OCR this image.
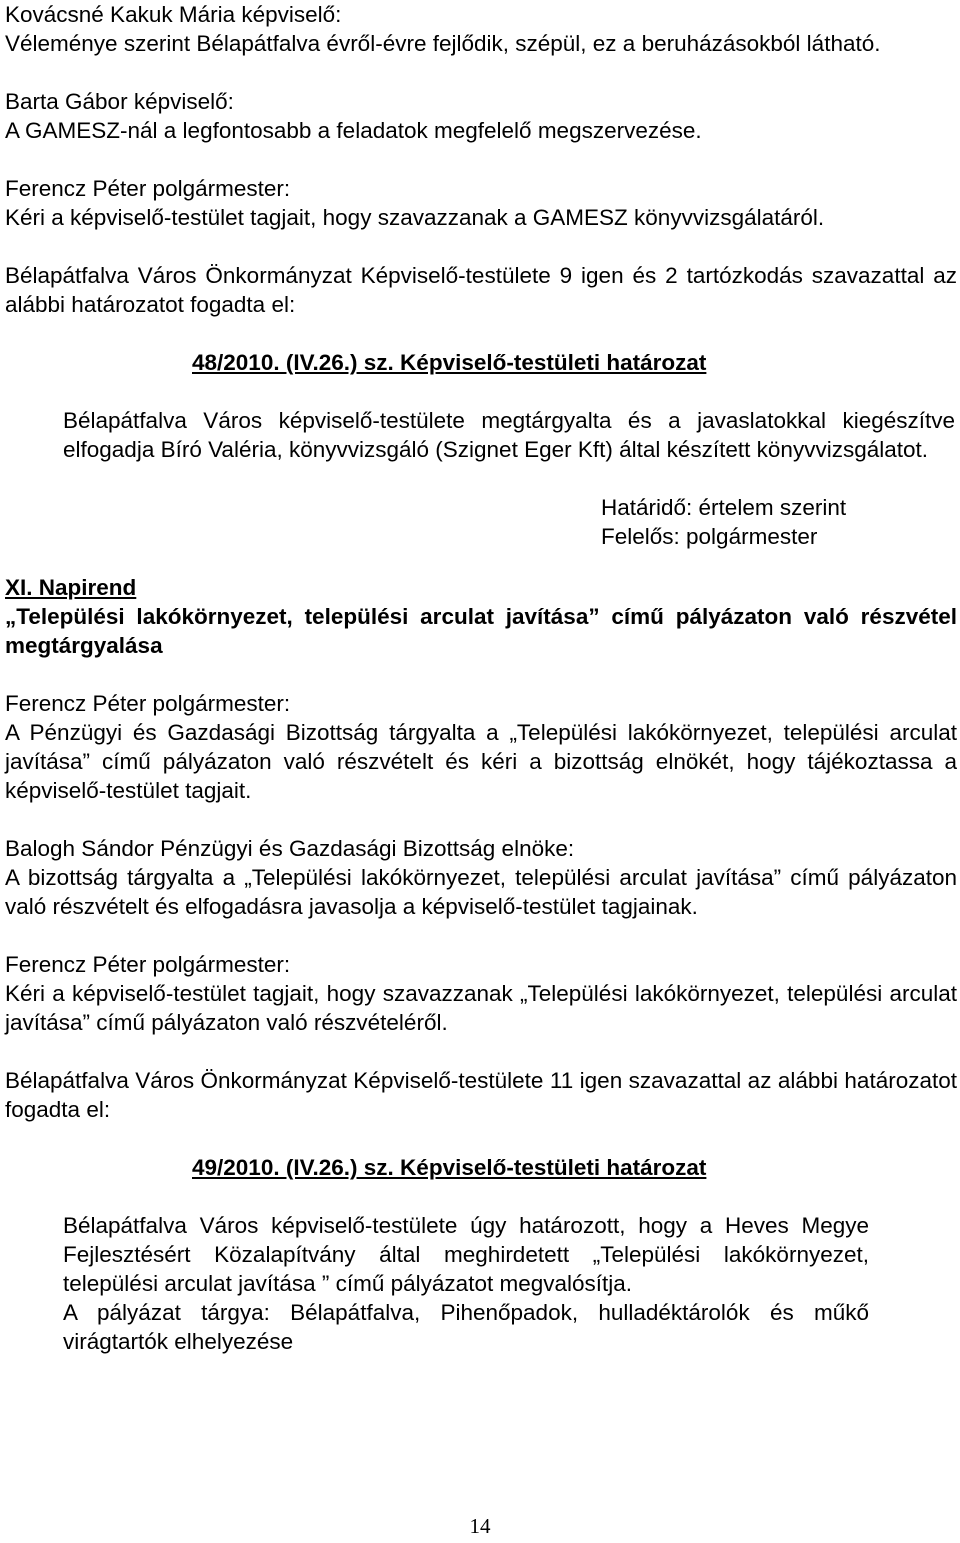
Kovácsné Kakuk Mária képviselő:

Véleménye szerint Bélapátfalva évről-évre fejlődik, szépül, ez a beruházásokból látható.

Barta Gábor képviselő:

A GAMESZ-nál a legfontosabb a feladatok megfelelő megszervezése.

Ferencz Péter polgármester:

Kéri a képviselő-testület tagjait, hogy szavazzanak a GAMESZ könyvvizsgálatáról.

Bélapátfalva Város Önkormányzat Képviselő-testülete 9 igen és 2 tartózkodás szavazattal az alábbi határozatot fogadta el:

48/2010. (IV.26.) sz. Képviselő-testületi határozat

Bélapátfalva Város képviselő-testülete megtárgyalta és a javaslatokkal kiegészítve elfogadja Bíró Valéria, könyvvizsgáló (Szignet Eger Kft) által készített könyvvizsgálatot.

Határidő: értelem szerint

Felelős: polgármester

XI. Napirend

„Települési lakókörnyezet, települési arculat javítása” című pályázaton való részvétel megtárgyalása

Ferencz Péter polgármester:

A Pénzügyi és Gazdasági Bizottság tárgyalta a „Települési lakókörnyezet, települési arculat javítása” című pályázaton való részvételt és kéri a bizottság elnökét, hogy tájékoztassa a képviselő-testület tagjait.

Balogh Sándor Pénzügyi és Gazdasági Bizottság elnöke:

A bizottság tárgyalta a „Települési lakókörnyezet, települési arculat javítása” című pályázaton való részvételt és elfogadásra javasolja a képviselő-testület tagjainak.

Ferencz Péter polgármester:

Kéri a képviselő-testület tagjait, hogy szavazzanak „Települési lakókörnyezet, települési arculat javítása” című pályázaton való részvételéről.

Bélapátfalva Város Önkormányzat Képviselő-testülete 11 igen szavazattal az alábbi határozatot fogadta el:

49/2010. (IV.26.) sz. Képviselő-testületi határozat

Bélapátfalva Város képviselő-testülete úgy határozott, hogy a Heves Megye Fejlesztésért Közalapítvány által meghirdetett „Települési lakókörnyezet, települési arculat javítása ” című pályázatot megvalósítja.

A pályázat tárgya: Bélapátfalva, Pihenőpadok, hulladéktárolók és műkő virágtartók elhelyezése

14
